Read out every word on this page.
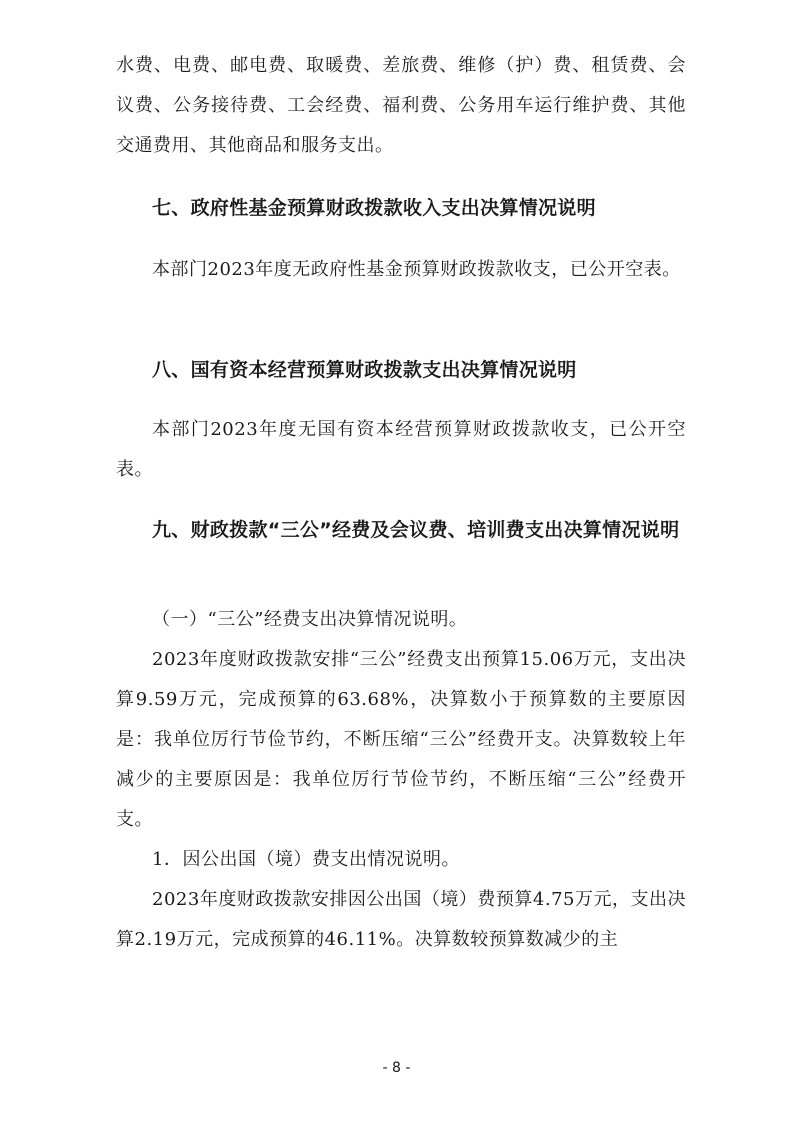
水费、电费、邮电费、取暖费、差旅费、维修（护）费、租赁费、会议费、公务接待费、工会经费、福利费、公务用车运行维护费、其他交通费用、其他商品和服务支出。

七、政府性基金预算财政拨款收入支出决算情况说明

本部门2023年度无政府性基金预算财政拨款收支，已公开空表。

八、国有资本经营预算财政拨款支出决算情况说明

本部门2023年度无国有资本经营预算财政拨款收支，已公开空表。

九、财政拨款“三公”经费及会议费、培训费支出决算情况说明

（一）“三公”经费支出决算情况说明。

2023年度财政拨款安排“三公”经费支出预算15.06万元，支出决算9.59万元，完成预算的63.68%，决算数小于预算数的主要原因是：我单位厉行节俭节约，不断压缩“三公”经费开支。决算数较上年减少的主要原因是：我单位厉行节俭节约，不断压缩“三公”经费开支。

1．因公出国（境）费支出情况说明。

2023年度财政拨款安排因公出国（境）费预算4.75万元，支出决算2.19万元，完成预算的46.11%。决算数较预算数减少的主

- 8 -
